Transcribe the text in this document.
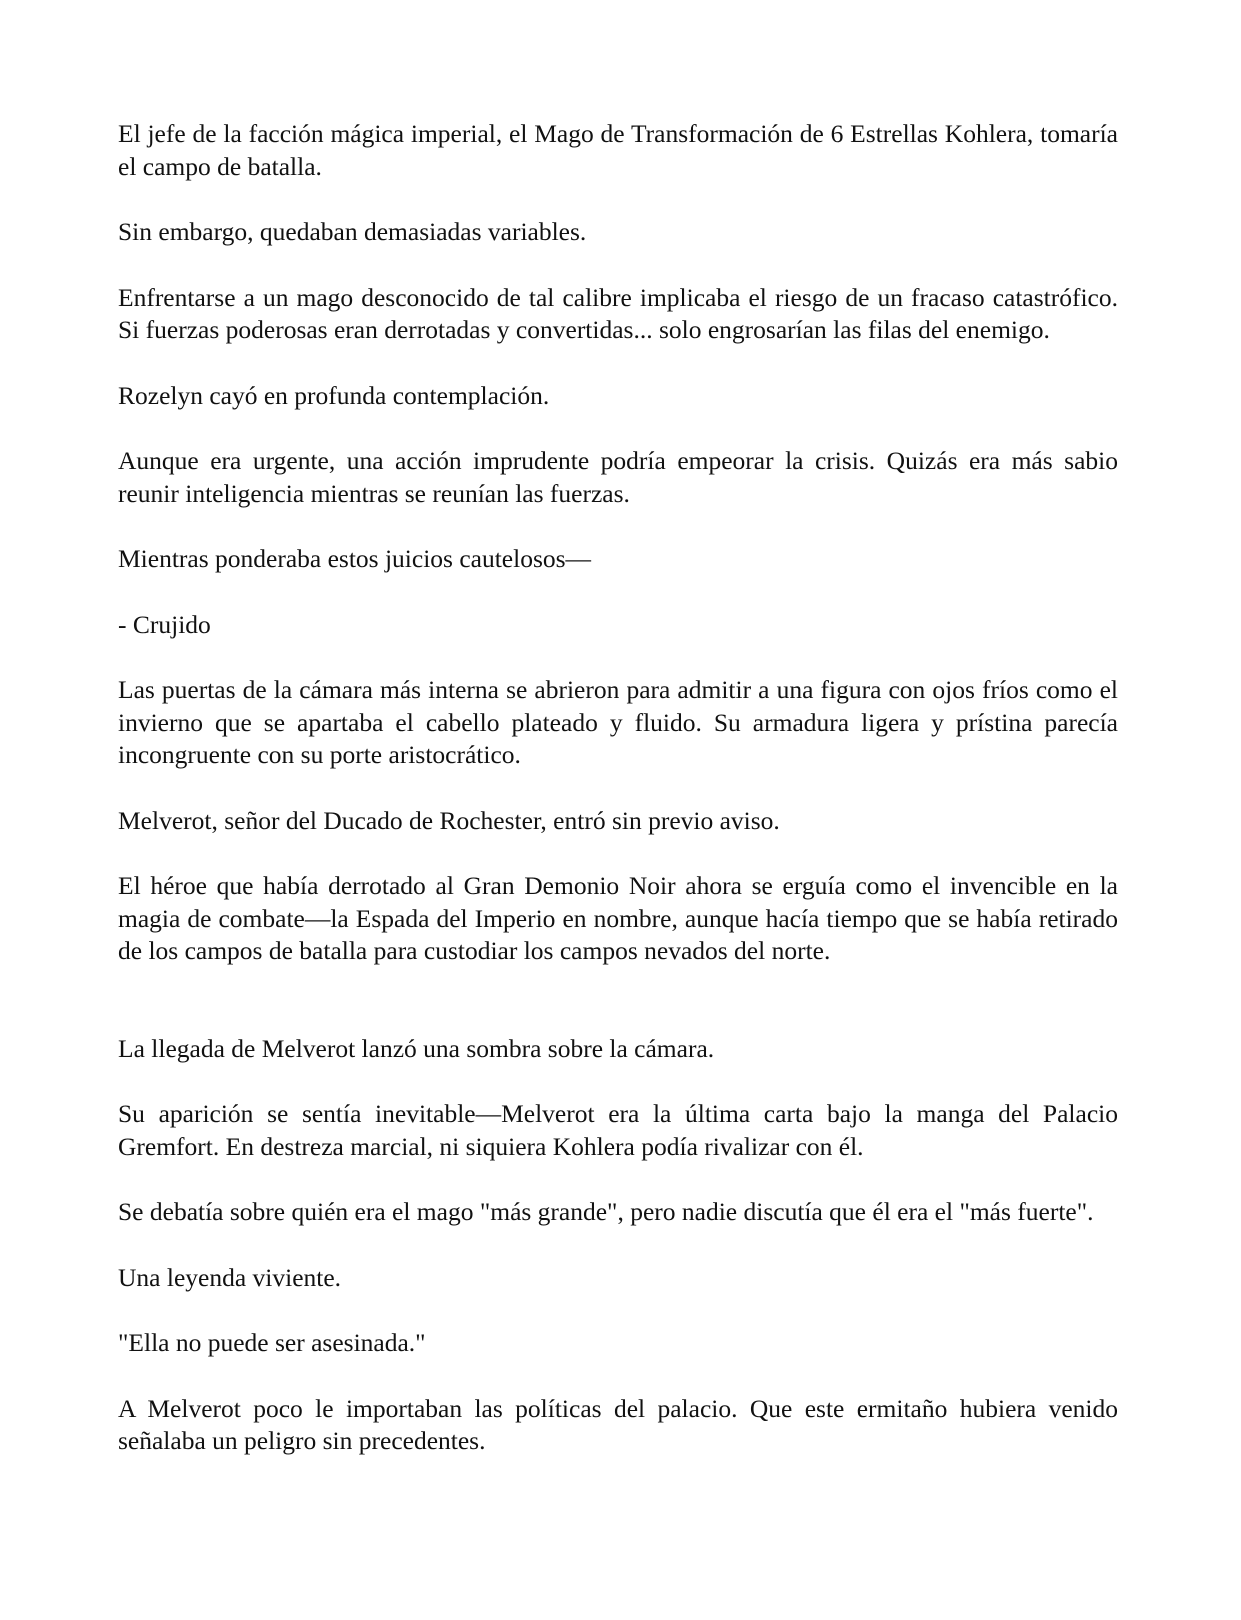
El jefe de la facción mágica imperial, el Mago de Transformación de 6 Estrellas Kohlera, tomaría el campo de batalla.

Sin embargo, quedaban demasiadas variables.

Enfrentarse a un mago desconocido de tal calibre implicaba el riesgo de un fracaso catastrófico. Si fuerzas poderosas eran derrotadas y convertidas... solo engrosarían las filas del enemigo.

Rozelyn cayó en profunda contemplación.

Aunque era urgente, una acción imprudente podría empeorar la crisis. Quizás era más sabio reunir inteligencia mientras se reunían las fuerzas.

Mientras ponderaba estos juicios cautelosos—

- Crujido

Las puertas de la cámara más interna se abrieron para admitir a una figura con ojos fríos como el invierno que se apartaba el cabello plateado y fluido. Su armadura ligera y prístina parecía incongruente con su porte aristocrático.

Melverot, señor del Ducado de Rochester, entró sin previo aviso.

El héroe que había derrotado al Gran Demonio Noir ahora se erguía como el invencible en la magia de combate—la Espada del Imperio en nombre, aunque hacía tiempo que se había retirado de los campos de batalla para custodiar los campos nevados del norte.

La llegada de Melverot lanzó una sombra sobre la cámara.

Su aparición se sentía inevitable—Melverot era la última carta bajo la manga del Palacio Gremfort. En destreza marcial, ni siquiera Kohlera podía rivalizar con él.

Se debatía sobre quién era el mago "más grande", pero nadie discutía que él era el "más fuerte".

Una leyenda viviente.

"Ella no puede ser asesinada."

A Melverot poco le importaban las políticas del palacio. Que este ermitaño hubiera venido señalaba un peligro sin precedentes.
